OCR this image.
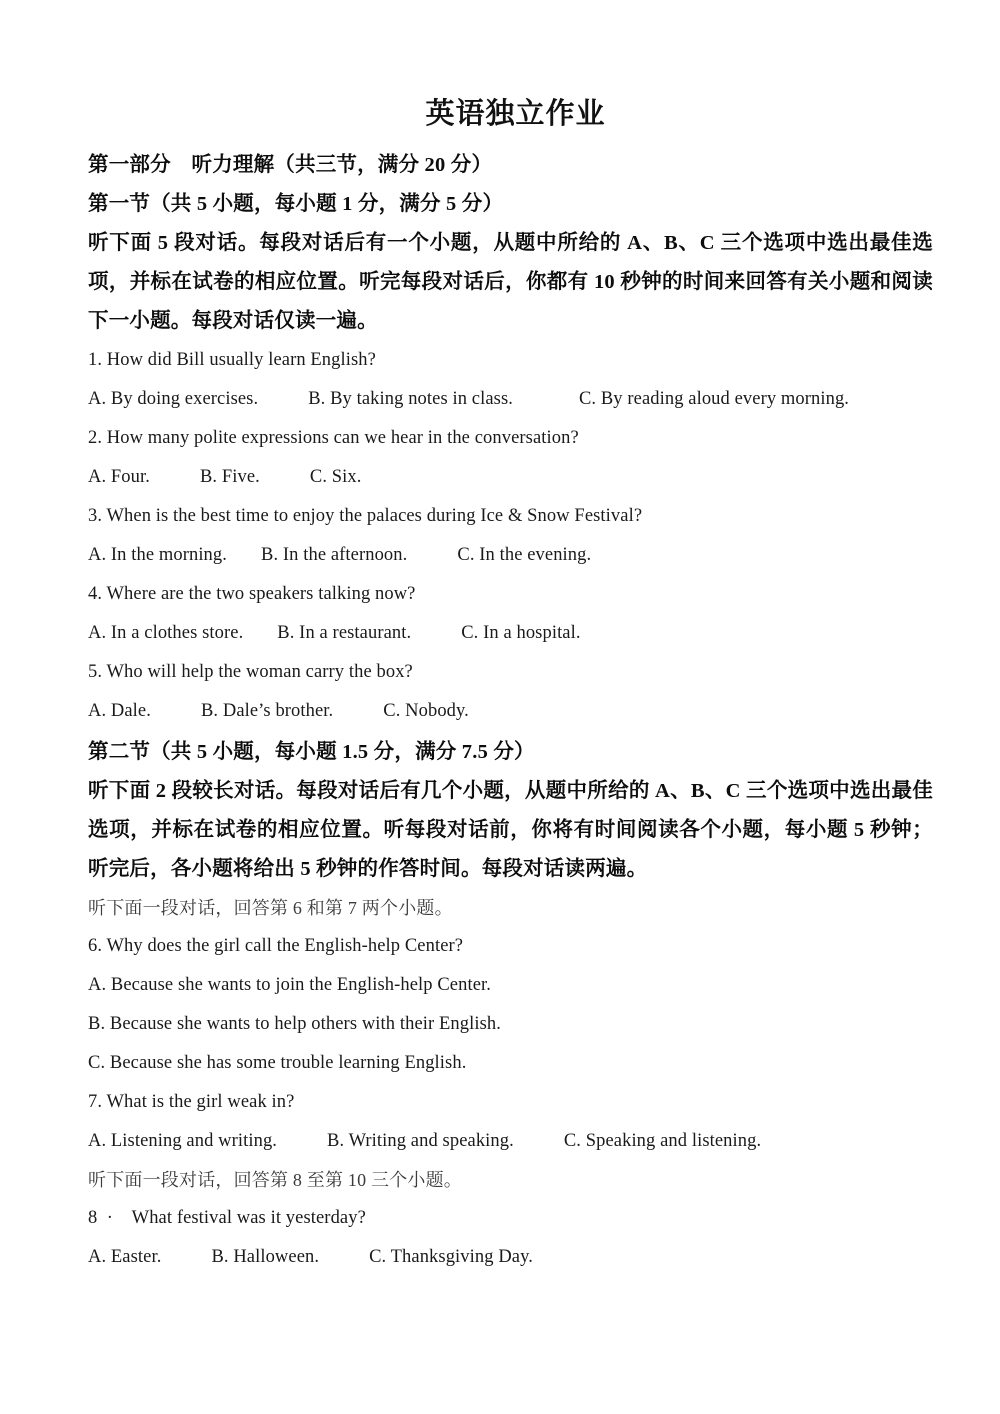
英语独立作业
第一部分　听力理解（共三节，满分 20 分）
第一节（共 5 小题，每小题 1 分，满分 5 分）
听下面 5 段对话。每段对话后有一个小题，从题中所给的 A、B、C 三个选项中选出最佳选项，并标在试卷的相应位置。听完每段对话后，你都有 10 秒钟的时间来回答有关小题和阅读下一小题。每段对话仅读一遍。
1. How did Bill usually learn English?
A. By doing exercises.	B. By taking notes in class.	C. By reading aloud every morning.
2. How many polite expressions can we hear in the conversation?
A. Four.	B. Five.	C. Six.
3. When is the best time to enjoy the palaces during Ice & Snow Festival?
A. In the morning. B. In the afternoon.	C. In the evening.
4. Where are the two speakers talking now?
A. In a clothes store. B. In a restaurant.	C. In a hospital.
5. Who will help the woman carry the box?
A. Dale.	B. Dale’s brother.	C. Nobody.
第二节（共 5 小题，每小题 1.5 分，满分 7.5 分）
听下面 2 段较长对话。每段对话后有几个小题，从题中所给的 A、B、C 三个选项中选出最佳选项，并标在试卷的相应位置。听每段对话前，你将有时间阅读各个小题，每小题 5 秒钟；听完后，各小题将给出 5 秒钟的作答时间。每段对话读两遍。
听下面一段对话，回答第 6 和第 7 两个小题。
6. Why does the girl call the English-help Center?
A. Because she wants to join the English-help Center.
B. Because she wants to help others with their English.
C. Because she has some trouble learning English.
7. What is the girl weak in?
A. Listening and writing.	B. Writing and speaking.	C. Speaking and listening.
听下面一段对话，回答第 8 至第 10 三个小题。
8  ·    What festival was it yesterday?
A. Easter.	B. Halloween.	C. Thanksgiving Day.
